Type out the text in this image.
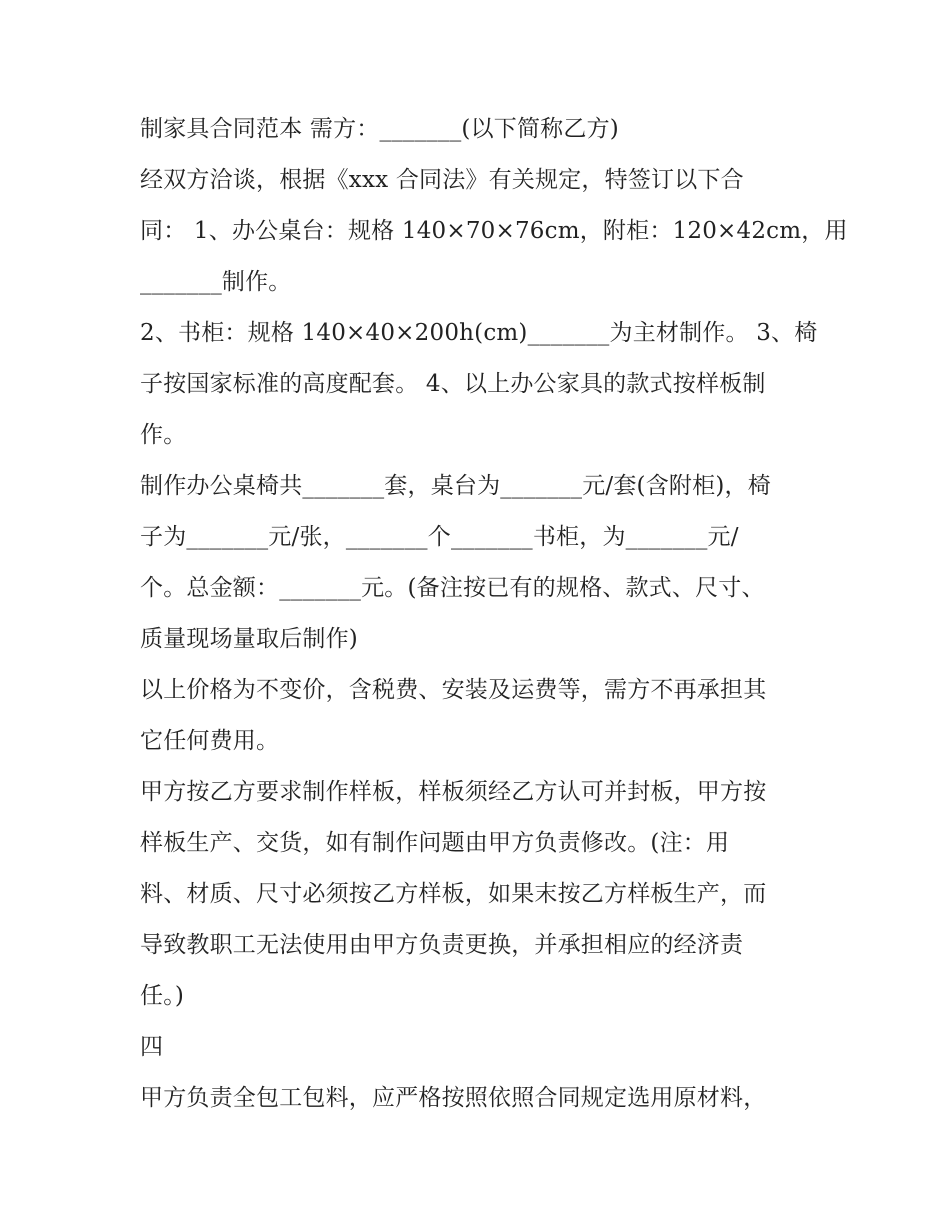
制家具合同范本 需方：_______(以下简称乙方)
经双方洽谈，根据《xxx 合同法》有关规定，特签订以下合
同： 1、办公桌台：规格 140×70×76cm，附柜：120×42cm，用
_______制作。
2、书柜：规格 140×40×200h(cm)_______为主材制作。 3、椅
子按国家标准的高度配套。 4、以上办公家具的款式按样板制
作。
制作办公桌椅共_______套，桌台为_______元/套(含附柜)，椅
子为_______元/张，_______个_______书柜，为_______元/
个。总金额：_______元。(备注按已有的规格、款式、尺寸、
质量现场量取后制作)
以上价格为不变价，含税费、安装及运费等，需方不再承担其
它任何费用。
甲方按乙方要求制作样板，样板须经乙方认可并封板，甲方按
样板生产、交货，如有制作问题由甲方负责修改。(注：用
料、材质、尺寸必须按乙方样板，如果末按乙方样板生产，而
导致教职工无法使用由甲方负责更换，并承担相应的经济责
任。)
四
甲方负责全包工包料，应严格按照依照合同规定选用原材料，
